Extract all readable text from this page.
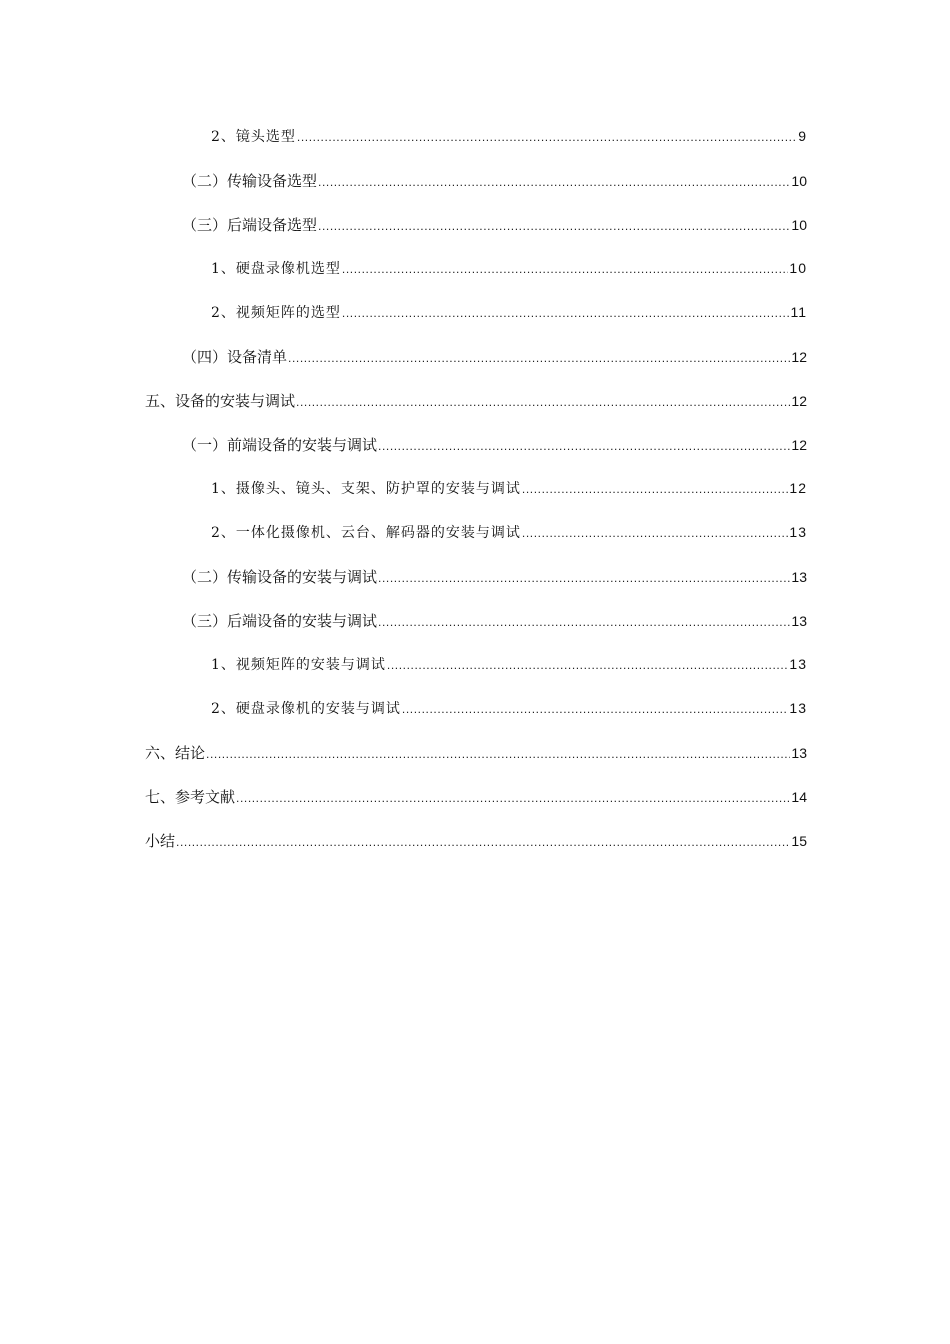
2、镜头选型 .....	9
（二）传输设备选型 .....	10
（三）后端设备选型 .....	10
1、硬盘录像机选型 .....	10
2、视频矩阵的选型 .....	11
（四）设备清单 .....	12
五、设备的安装与调试 .....	12
（一）前端设备的安装与调试 .....	12
1、摄像头、镜头、支架、防护罩的安装与调试 .....	12
2、一体化摄像机、云台、解码器的安装与调试 .....	13
（二）传输设备的安装与调试 .....	13
（三）后端设备的安装与调试 .....	13
1、视频矩阵的安装与调试 .....	13
2、硬盘录像机的安装与调试 .....	13
六、结论 .....	13
七、参考文献 .....	14
小结 .....	15
